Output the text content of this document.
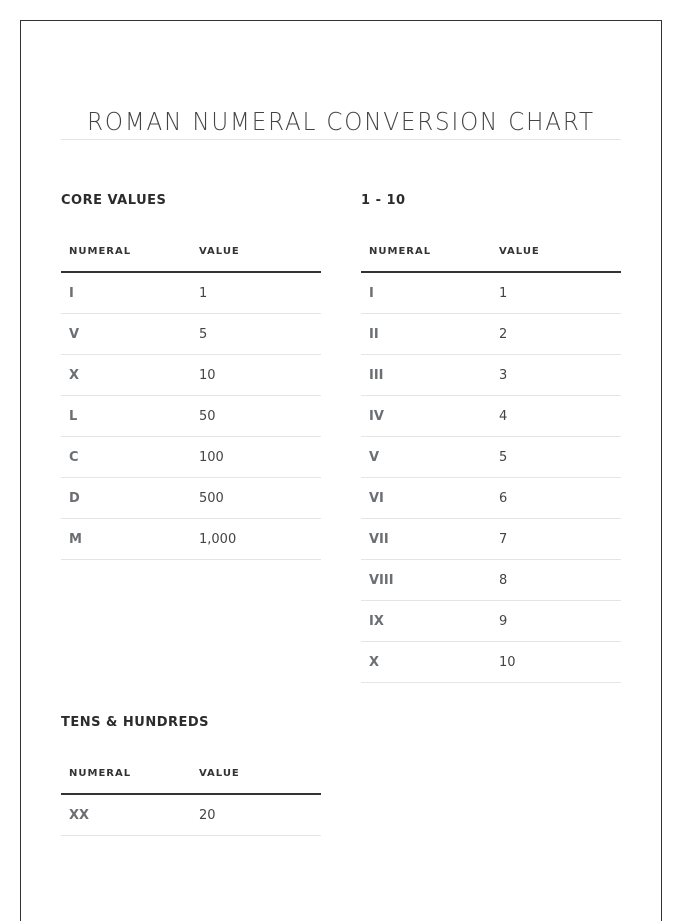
ROMAN NUMERAL CONVERSION CHART
CORE VALUES
NUMERAL	VALUE
I	1
V	5
X	10
L	50
C	100
D	500
M	1,000
1 - 10
NUMERAL	VALUE
I	1
II	2
III	3
IV	4
V	5
VI	6
VII	7
VIII	8
IX	9
X	10
TENS & HUNDREDS
NUMERAL	VALUE
XX	20
